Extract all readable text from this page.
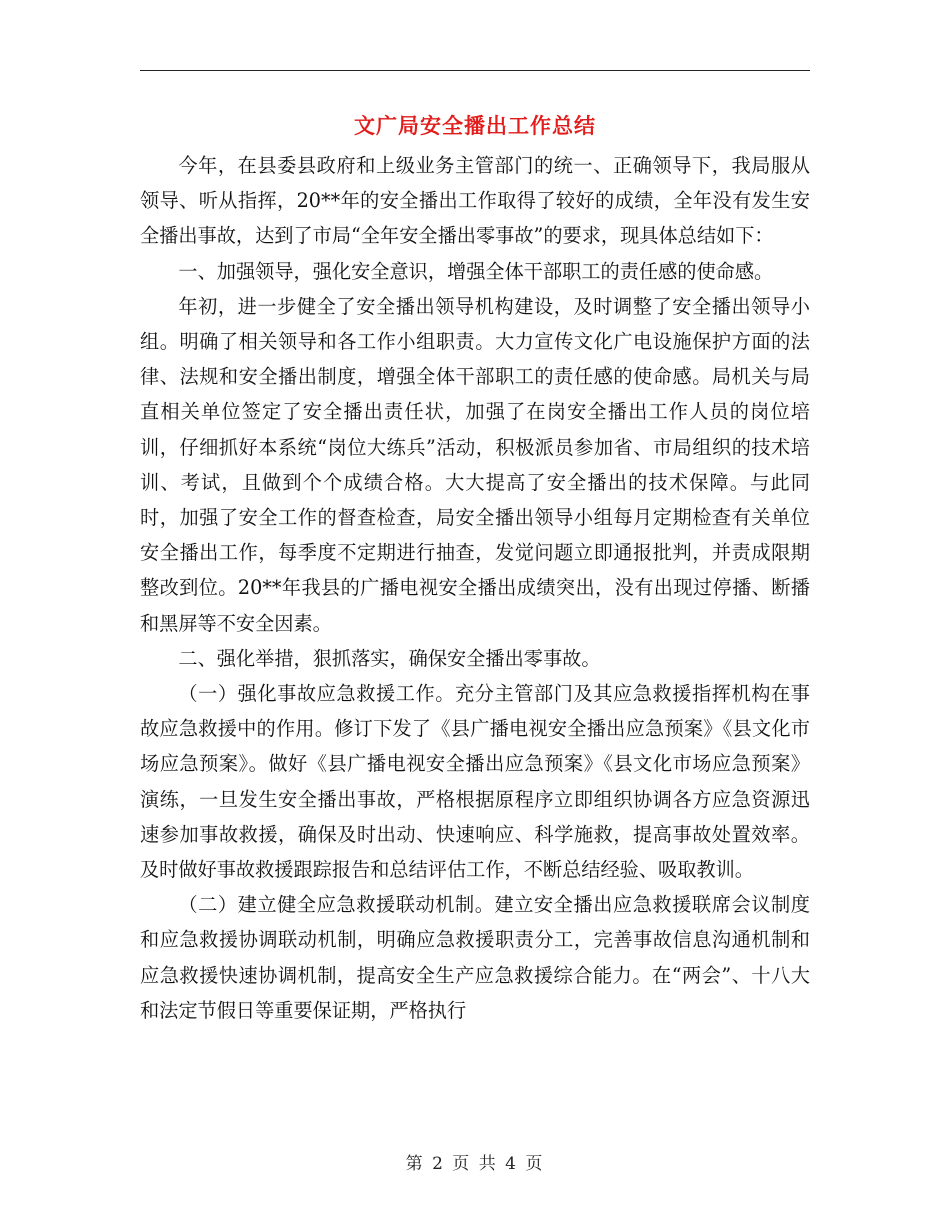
文广局安全播出工作总结

今年，在县委县政府和上级业务主管部门的统一、正确领导下，我局服从领导、听从指挥，20**年的安全播出工作取得了较好的成绩，全年没有发生安全播出事故，达到了市局“全年安全播出零事故”的要求，现具体总结如下：

一、加强领导，强化安全意识，增强全体干部职工的责任感的使命感。

年初，进一步健全了安全播出领导机构建设，及时调整了安全播出领导小组。明确了相关领导和各工作小组职责。大力宣传文化广电设施保护方面的法律、法规和安全播出制度，增强全体干部职工的责任感的使命感。局机关与局直相关单位签定了安全播出责任状，加强了在岗安全播出工作人员的岗位培训，仔细抓好本系统“岗位大练兵”活动，积极派员参加省、市局组织的技术培训、考试，且做到个个成绩合格。大大提高了安全播出的技术保障。与此同时，加强了安全工作的督查检查，局安全播出领导小组每月定期检查有关单位安全播出工作，每季度不定期进行抽查，发觉问题立即通报批判，并责成限期整改到位。20**年我县的广播电视安全播出成绩突出，没有出现过停播、断播和黑屏等不安全因素。

二、强化举措，狠抓落实，确保安全播出零事故。

（一）强化事故应急救援工作。充分主管部门及其应急救援指挥机构在事故应急救援中的作用。修订下发了《县广播电视安全播出应急预案》《县文化市场应急预案》。做好《县广播电视安全播出应急预案》《县文化市场应急预案》演练，一旦发生安全播出事故，严格根据原程序立即组织协调各方应急资源迅速参加事故救援，确保及时出动、快速响应、科学施救，提高事故处置效率。及时做好事故救援跟踪报告和总结评估工作，不断总结经验、吸取教训。

（二）建立健全应急救援联动机制。建立安全播出应急救援联席会议制度和应急救援协调联动机制，明确应急救援职责分工，完善事故信息沟通机制和应急救援快速协调机制，提高安全生产应急救援综合能力。在“两会”、十八大和法定节假日等重要保证期，严格执行

第 2 页 共 4 页
